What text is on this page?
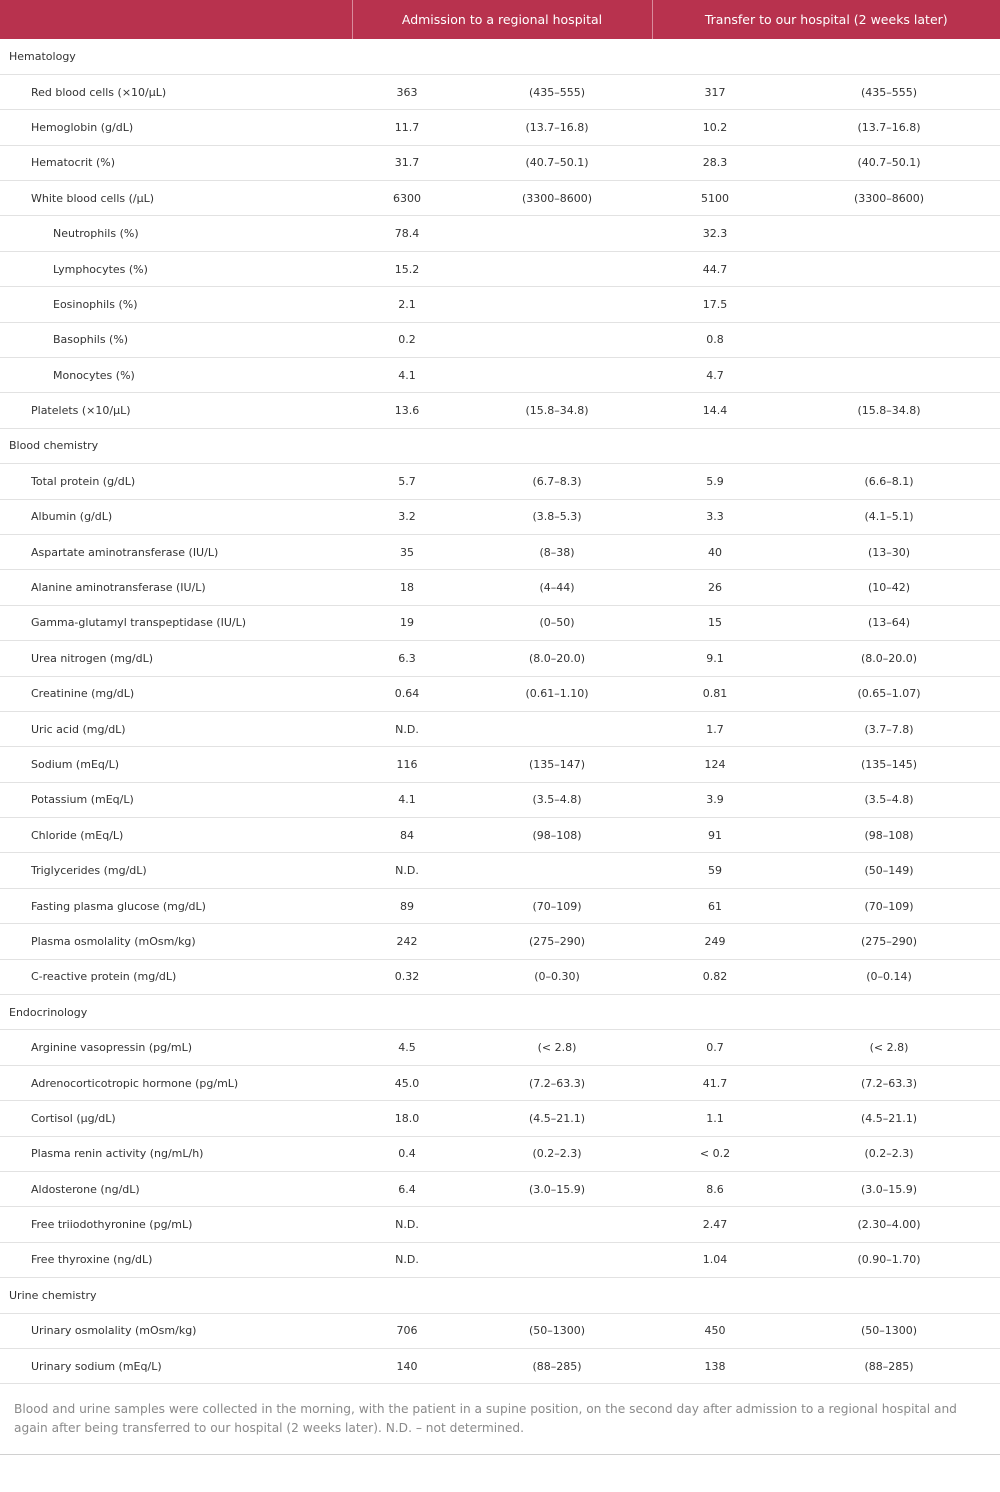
	Admission to a regional hospital		Transfer to our hospital (2 weeks later)	
Hematology				
Red blood cells (×10/μL)	363	(435–555)	317	(435–555)
Hemoglobin (g/dL)	11.7	(13.7–16.8)	10.2	(13.7–16.8)
Hematocrit (%)	31.7	(40.7–50.1)	28.3	(40.7–50.1)
White blood cells (/μL)	6300	(3300–8600)	5100	(3300–8600)
Neutrophils (%)	78.4		32.3	
Lymphocytes (%)	15.2		44.7	
Eosinophils (%)	2.1		17.5	
Basophils (%)	0.2		0.8	
Monocytes (%)	4.1		4.7	
Platelets (×10/μL)	13.6	(15.8–34.8)	14.4	(15.8–34.8)
Blood chemistry				
Total protein (g/dL)	5.7	(6.7–8.3)	5.9	(6.6–8.1)
Albumin (g/dL)	3.2	(3.8–5.3)	3.3	(4.1–5.1)
Aspartate aminotransferase (IU/L)	35	(8–38)	40	(13–30)
Alanine aminotransferase (IU/L)	18	(4–44)	26	(10–42)
Gamma-glutamyl transpeptidase (IU/L)	19	(0–50)	15	(13–64)
Urea nitrogen (mg/dL)	6.3	(8.0–20.0)	9.1	(8.0–20.0)
Creatinine (mg/dL)	0.64	(0.61–1.10)	0.81	(0.65–1.07)
Uric acid (mg/dL)	N.D.		1.7	(3.7–7.8)
Sodium (mEq/L)	116	(135–147)	124	(135–145)
Potassium (mEq/L)	4.1	(3.5–4.8)	3.9	(3.5–4.8)
Chloride (mEq/L)	84	(98–108)	91	(98–108)
Triglycerides (mg/dL)	N.D.		59	(50–149)
Fasting plasma glucose (mg/dL)	89	(70–109)	61	(70–109)
Plasma osmolality (mOsm/kg)	242	(275–290)	249	(275–290)
C-reactive protein (mg/dL)	0.32	(0–0.30)	0.82	(0–0.14)
Endocrinology				
Arginine vasopressin (pg/mL)	4.5	(< 2.8)	0.7	(< 2.8)
Adrenocorticotropic hormone (pg/mL)	45.0	(7.2–63.3)	41.7	(7.2–63.3)
Cortisol (μg/dL)	18.0	(4.5–21.1)	1.1	(4.5–21.1)
Plasma renin activity (ng/mL/h)	0.4	(0.2–2.3)	< 0.2	(0.2–2.3)
Aldosterone (ng/dL)	6.4	(3.0–15.9)	8.6	(3.0–15.9)
Free triiodothyronine (pg/mL)	N.D.		2.47	(2.30–4.00)
Free thyroxine (ng/dL)	N.D.		1.04	(0.90–1.70)
Urine chemistry				
Urinary osmolality (mOsm/kg)	706	(50–1300)	450	(50–1300)
Urinary sodium (mEq/L)	140	(88–285)	138	(88–285)
Blood and urine samples were collected in the morning, with the patient in a supine position, on the second day after admission to a regional hospital and again after being transferred to our hospital (2 weeks later). N.D. – not determined.
